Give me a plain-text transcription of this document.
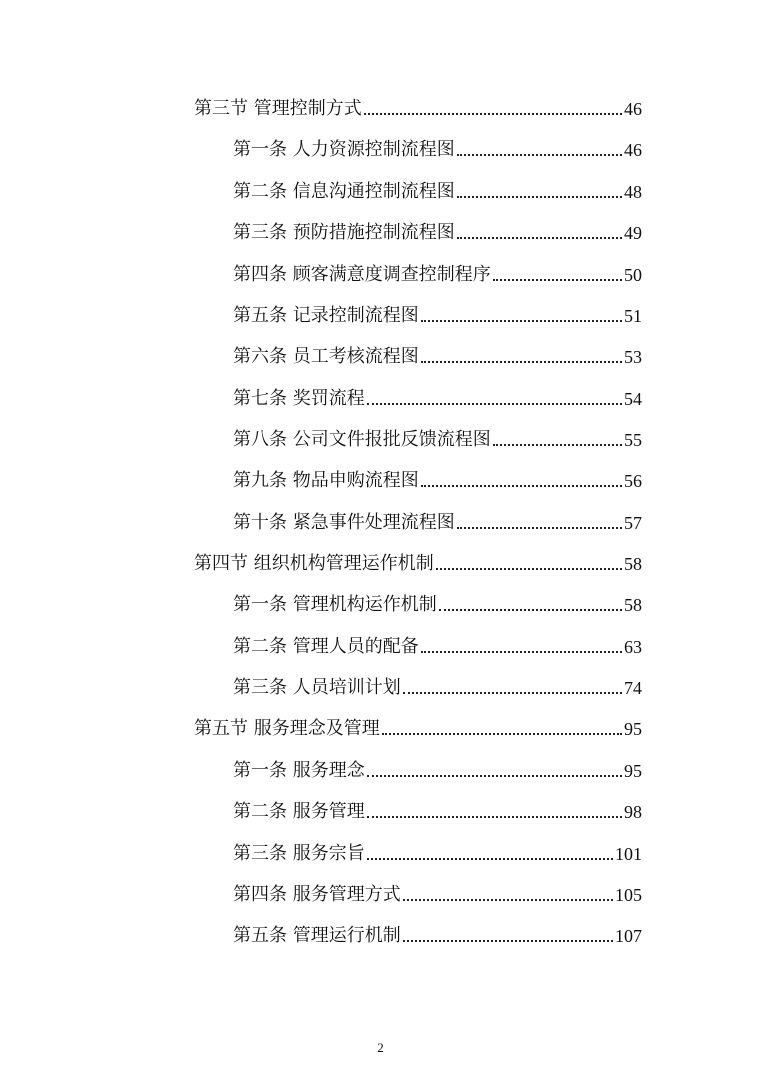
第三节 管理控制方式	46
第一条 人力资源控制流程图	46
第二条 信息沟通控制流程图	48
第三条 预防措施控制流程图	49
第四条 顾客满意度调查控制程序	50
第五条 记录控制流程图	51
第六条 员工考核流程图	53
第七条 奖罚流程	54
第八条 公司文件报批反馈流程图	55
第九条 物品申购流程图	56
第十条 紧急事件处理流程图	57
第四节 组织机构管理运作机制	58
第一条 管理机构运作机制	58
第二条 管理人员的配备	63
第三条 人员培训计划	74
第五节 服务理念及管理	95
第一条 服务理念	95
第二条 服务管理	98
第三条 服务宗旨	101
第四条 服务管理方式	105
第五条 管理运行机制	107
2
